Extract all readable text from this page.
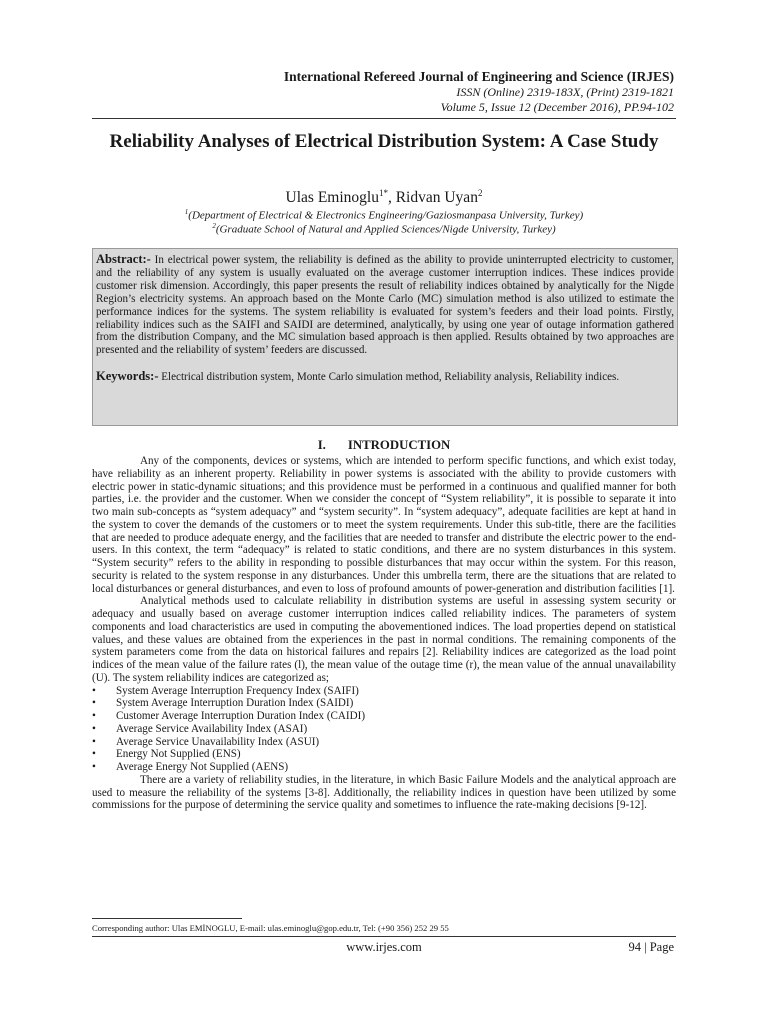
International Refereed Journal of Engineering and Science (IRJES)
ISSN (Online) 2319-183X, (Print) 2319-1821
Volume 5, Issue 12 (December 2016), PP.94-102
Reliability Analyses of Electrical Distribution System: A Case Study
Ulas Eminoglu$^{1*}$, Ridvan Uyan$^2$
$^1$(Department of Electrical & Electronics Engineering/Gaziosmanpasa University, Turkey)
$^2$(Graduate School of Natural and Applied Sciences/Nigde University, Turkey)

Abstract:- In electrical power system, the reliability is defined as the ability to provide uninterrupted electricity to customer, and the reliability of any system is usually evaluated on the average customer interruption indices. These indices provide customer risk dimension. Accordingly, this paper presents the result of reliability indices obtained by analytically for the Nigde Region’s electricity systems. An approach based on the Monte Carlo (MC) simulation method is also utilized to estimate the performance indices for the systems. The system reliability is evaluated for system’s feeders and their load points. Firstly, reliability indices such as the SAIFI and SAIDI are determined, analytically, by using one year of outage information gathered from the distribution Company, and the MC simulation based approach is then applied. Results obtained by two approaches are presented and the reliability of system’ feeders are discussed.

Keywords:- Electrical distribution system, Monte Carlo simulation method, Reliability analysis, Reliability indices.

I. INTRODUCTION

Any of the components, devices or systems, which are intended to perform specific functions, and which exist today, have reliability as an inherent property. Reliability in power systems is associated with the ability to provide customers with electric power in static-dynamic situations; and this providence must be performed in a continuous and qualified manner for both parties, i.e. the provider and the customer. When we consider the concept of “System reliability”, it is possible to separate it into two main sub-concepts as “system adequacy” and “system security”. In “system adequacy”, adequate facilities are kept at hand in the system to cover the demands of the customers or to meet the system requirements. Under this sub-title, there are the facilities that are needed to produce adequate energy, and the facilities that are needed to transfer and distribute the electric power to the end-users. In this context, the term “adequacy” is related to static conditions, and there are no system disturbances in this system. “System security” refers to the ability in responding to possible disturbances that may occur within the system. For this reason, security is related to the system response in any disturbances. Under this umbrella term, there are the situations that are related to local disturbances or general disturbances, and even to loss of profound amounts of power-generation and distribution facilities [1].

Analytical methods used to calculate reliability in distribution systems are useful in assessing system security or adequacy and usually based on average customer interruption indices called reliability indices. The parameters of system components and load characteristics are used in computing the abovementioned indices. The load properties depend on statistical values, and these values are obtained from the experiences in the past in normal conditions. The remaining components of the system parameters come from the data on historical failures and repairs [2]. Reliability indices are categorized as the load point indices of the mean value of the failure rates (l), the mean value of the outage time (r), the mean value of the annual unavailability (U). The system reliability indices are categorized as;

• System Average Interruption Frequency Index (SAIFI)
• System Average Interruption Duration Index (SAIDI)
• Customer Average Interruption Duration Index (CAIDI)
• Average Service Availability Index (ASAI)
• Average Service Unavailability Index (ASUI)
• Energy Not Supplied (ENS)
• Average Energy Not Supplied (AENS)

There are a variety of reliability studies, in the literature, in which Basic Failure Models and the analytical approach are used to measure the reliability of the systems [3-8]. Additionally, the reliability indices in question have been utilized by some commissions for the purpose of determining the service quality and sometimes to influence the rate-making decisions [9-12].

Corresponding author: Ulas EMİNOGLU, E-mail: ulas.eminoglu@gop.edu.tr, Tel: (+90 356) 252 29 55
www.irjes.com	94 | Page
